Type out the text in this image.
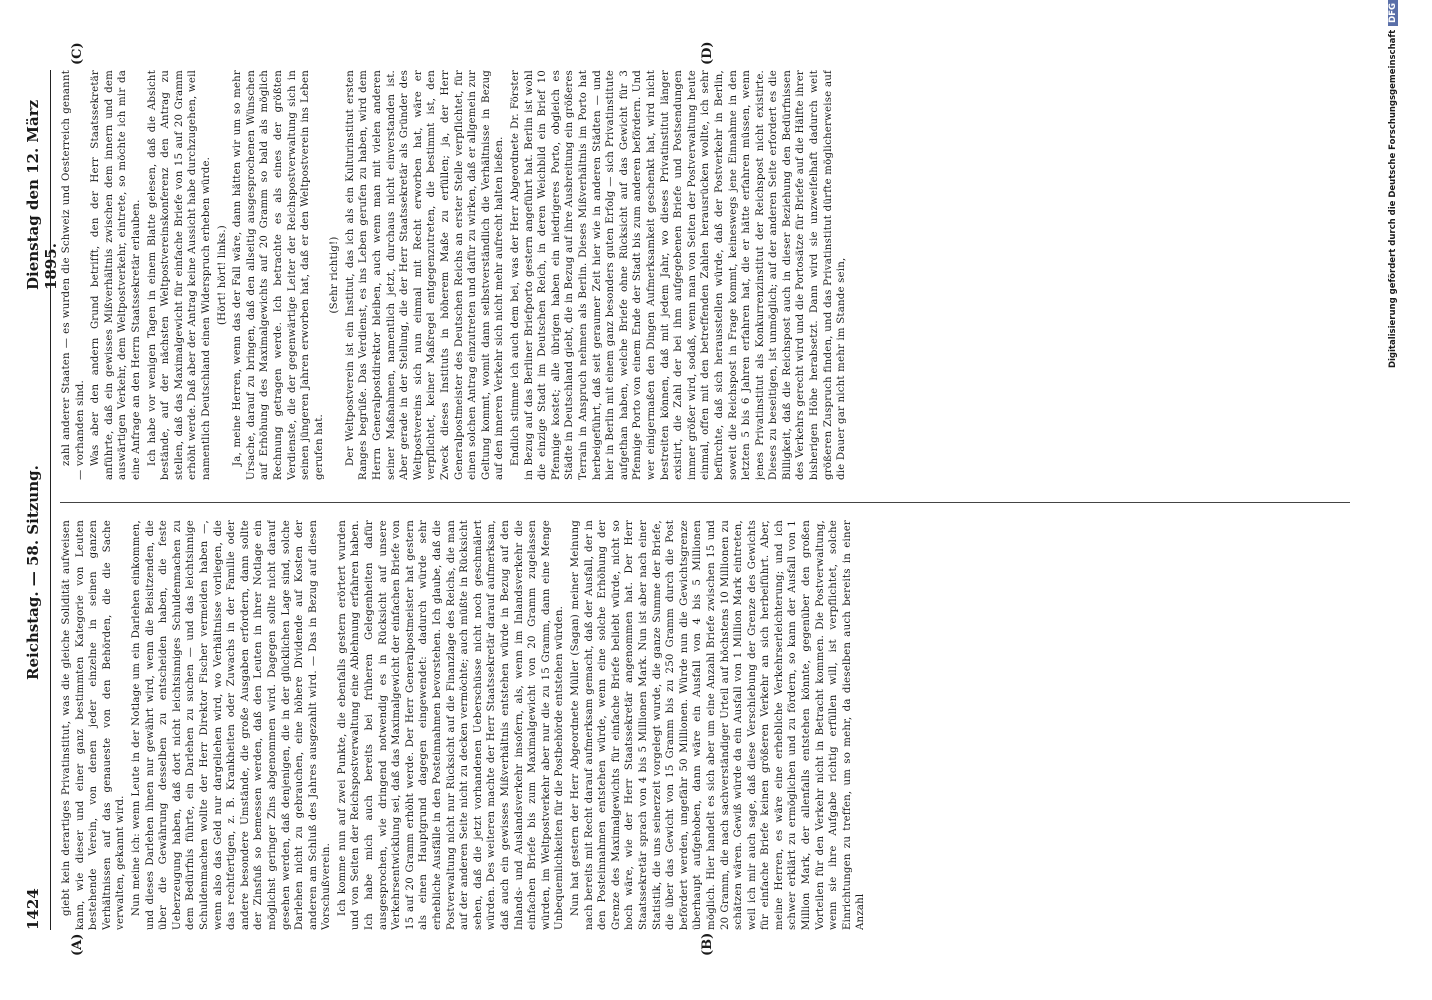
1424
Reichstag. — 58. Sitzung.
Dienstag den 12. März 1895.
(A)	(B)
(C)	(D)

giebt kein derartiges Privatinstitut, was die gleiche Solidität aufweisen kann, wie dieser und einer ganz bestimmten Kategorie von Leuten bestehende Verein, von denen jeder einzelne in seinen ganzen Verhältnissen auf das genaueste von den Behörden, die die Sache verwalten, gekannt wird. Nun meine ich: wenn Leute in der Notlage um ein Darlehen einkommen, und dieses Darlehen ihnen nur gewährt wird, wenn die Beisitzenden, die über die Gewährung desselben zu entscheiden haben, die feste Ueberzeugung haben, daß dort nicht leichtsinniges Schuldenmachen zu dem Bedürfnis führte, ein Darlehen zu suchen — und das leichtsinnige Schuldenmachen wollte der Herr Direktor Fischer vermeiden haben —, wenn also das Geld nur dargeliehen wird, wo Verhältnisse vorliegen, die das rechtfertigen, z. B. Krankheiten oder Zuwachs in der Familie oder andere besondere Umstände, die große Ausgaben erfordern, dann sollte der Zinsfuß so bemessen werden, daß den Leuten in ihrer Notlage ein möglichst geringer Zins abgenommen wird. Dagegen sollte nicht darauf gesehen werden, daß denjenigen, die in der glücklichen Lage sind, solche Darlehen nicht zu gebrauchen, eine höhere Dividende auf Kosten der anderen am Schluß des Jahres ausgezahlt wird. — Das in Bezug auf diesen Vorschußverein. Ich komme nun auf zwei Punkte, die ebenfalls gestern erörtert wurden und von Seiten der Reichspostverwaltung eine Ablehnung erfahren haben. Ich habe mich auch bereits bei früheren Gelegenheiten dafür ausgesprochen, wie dringend notwendig es in Rücksicht auf unsere Verkehrsentwicklung sei, daß das Maximalgewicht der einfachen Briefe von 15 auf 20 Gramm erhöht werde. Der Herr Generalpostmeister hat gestern als einen Hauptgrund dagegen eingewendet: dadurch würde sehr erhebliche Ausfälle in den Posteinnahmen bevorstehen. Ich glaube, daß die Postverwaltung nicht nur Rücksicht auf die Finanzlage des Reichs, die man auf der anderen Seite nicht zu decken vermöchte; auch müßte in Rücksicht sehen, daß die jetzt vorhandenen Ueberschüsse nicht noch geschmälert würden. Des weiteren machte der Herr Staatssekretär darauf aufmerksam, daß auch ein gewisses Mißverhältnis entstehen würde in Bezug auf den Inlands- und Auslandsverkehr insofern, als, wenn im Inlandsverkehr die einfachen Briefe bis zum Maximalgewicht von 20 Gramm zugelassen würden, im Weltpostverkehr aber nur die zu 15 Gramm, dann eine Menge Unbequemlichkeiten für die Postbehörde entstehen würden. Nun hat gestern der Herr Abgeordnete Müller (Sagan) meiner Meinung nach bereits mit Recht darauf aufmerksam gemacht, daß der Ausfall, der in den Posteinnahmen entstehen würde, wenn eine solche Erhöhung der Grenze des Maximalgewichts für einfache Briefe beliebt würde, nicht so hoch wäre, wie der Herr Staatssekretär angenommen hat. Der Herr Staatssekretär sprach von 4 bis 5 Millionen Mark. Nun ist aber nach einer Statistik, die uns seinerzeit vorgelegt wurde, die ganze Summe der Briefe, die über das Gewicht von 15 Gramm bis zu 250 Gramm durch die Post befördert werden, ungefähr 50 Millionen. Würde nun die Gewichtsgrenze überhaupt aufgehoben, dann wäre ein Ausfall von 4 bis 5 Millionen möglich. Hier handelt es sich aber um eine Anzahl Briefe zwischen 15 und 20 Gramm, die nach sachverständiger Urteil auf höchstens 10 Millionen zu schätzen wären. Gewiß würde da ein Ausfall von 1 Million Mark eintreten, weil ich mir auch sage, daß diese Verschiebung der Grenze des Gewichts für einfache Briefe keinen größeren Verkehr an sich herbeiführt. Aber, meine Herren, es wäre eine erhebliche Verkehrserleichterung; und ich schwer erklärt zu ermöglichen und zu fördern, so kann der Ausfall von 1 Million Mark, der allenfalls entstehen könnte, gegenüber den großen Vorteilen für den Verkehr nicht in Betracht kommen. Die Postverwaltung, wenn sie ihre Aufgabe richtig erfüllen will, ist verpflichtet, solche Einrichtungen zu treffen, um so mehr, da dieselben auch bereits in einer Anzahl

zahl anderer Staaten — es wurden die Schweiz und Oesterreich genannt — vorhanden sind. Was aber den andern Grund betrifft, den der Herr Staatssekretär anführte, daß ein gewisses Mißverhältnis zwischen dem innern und dem auswärtigen Verkehr, dem Weltpostverkehr, eintrete, so möchte ich mir da eine Anfrage an den Herrn Staatssekretär erlauben. Ich habe vor wenigen Tagen in einem Blatte gelesen, daß die Absicht bestände, auf der nächsten Weltpostvereinskonferenz den Antrag zu stellen, daß das Maximalgewicht für einfache Briefe von 15 auf 20 Gramm erhöht werde. Daß aber der Antrag keine Aussicht habe durchzugehen, weil namentlich Deutschland einen Widerspruch erheben würde. (Hört! hört! links.) Ja, meine Herren, wenn das der Fall wäre, dann hätten wir um so mehr Ursache, darauf zu bringen, daß den allseitig ausgesprochenen Wünschen auf Erhöhung des Maximalgewichts auf 20 Gramm so bald als möglich Rechnung getragen werde. Ich betrachte es als eines der größten Verdienste, die der gegenwärtige Leiter der Reichspostverwaltung sich in seinen jüngeren Jahren erworben hat, daß er den Weltpostverein ins Leben gerufen hat.

(Sehr richtig!) Der Weltpostverein ist ein Institut, das ich als ein Kulturinstitut ersten Ranges begrüße. Das Verdienst, es ins Leben gerufen zu haben, wird dem Herrn Generalpostdirektor bleiben, auch wenn man mit vielen anderen seiner Maßnahmen, namentlich jetzt, durchaus nicht einverstanden ist. Aber gerade in der Stellung, die der Herr Staatssekretär als Gründer des Weltpostvereins sich nun einmal mit Recht erworben hat, wäre er verpflichtet, keiner Maßregel entgegenzutreten, die bestimmt ist, den Zweck dieses Instituts in höherem Maße zu erfüllen; ja, der Herr Generalpostmeister des Deutschen Reichs an erster Stelle verpflichtet, für einen solchen Antrag einzutreten und dafür zu wirken, daß er allgemein zur Geltung kommt, womit dann selbstverständlich die Verhältnisse in Bezug auf den inneren Verkehr sich nicht mehr aufrecht halten ließen. Endlich stimme ich auch dem bei, was der Herr Abgeordnete Dr. Förster in Bezug auf das Berliner Briefporto gestern angeführt hat. Berlin ist wohl die einzige Stadt im Deutschen Reich, in deren Weichbild ein Brief 10 Pfennige kostet; alle übrigen haben ein niedrigeres Porto, obgleich es Städte in Deutschland giebt, die in Bezug auf ihre Ausbreitung ein größeres Terrain in Anspruch nehmen als Berlin. Dieses Mißverhältnis im Porto hat herbeigeführt, daß seit geraumer Zeit hier wie in anderen Städten — und hier in Berlin mit einem ganz besonders guten Erfolg — sich Privatinstitute aufgethan haben, welche Briefe ohne Rücksicht auf das Gewicht für 3 Pfennige Porto von einem Ende der Stadt bis zum anderen befördern. Und wer einigermaßen den Dingen Aufmerksamkeit geschenkt hat, wird nicht bestreiten können, daß mit jedem Jahr, wo dieses Privatinstitut länger existirt, die Zahl der bei ihm aufgegebenen Briefe und Postsendungen immer größer wird, sodaß, wenn man von Seiten der Postverwaltung heute einmal, offen mit den betreffenden Zahlen herausrücken wollte, ich sehr befürchte, daß sich herausstellen würde, daß der Postverkehr in Berlin, soweit die Reichspost in Frage kommt, keineswegs jene Einnahme in den letzten 5 bis 6 Jahren erfahren hat, die er hätte erfahren müssen, wenn jenes Privatinstitut als Konkurrenzinstitut der Reichspost nicht existirte. Dieses zu beseitigen, ist unmöglich; auf der anderen Seite erfordert es die Billigkeit, daß die Reichspost auch in dieser Beziehung den Bedürfnissen des Verkehrs gerecht wird und die Portosätze für Briefe auf die Hälfte ihrer bisherigen Höhe herabsetzt. Dann wird sie unzweifelhaft dadurch weit größeren Zuspruch finden, und das Privatinstitut dürfte möglicherweise auf die Dauer gar nicht mehr im Stande sein,

Digitalisierung gefördert durch die Deutsche ForschungsgemeinschaftDFG
